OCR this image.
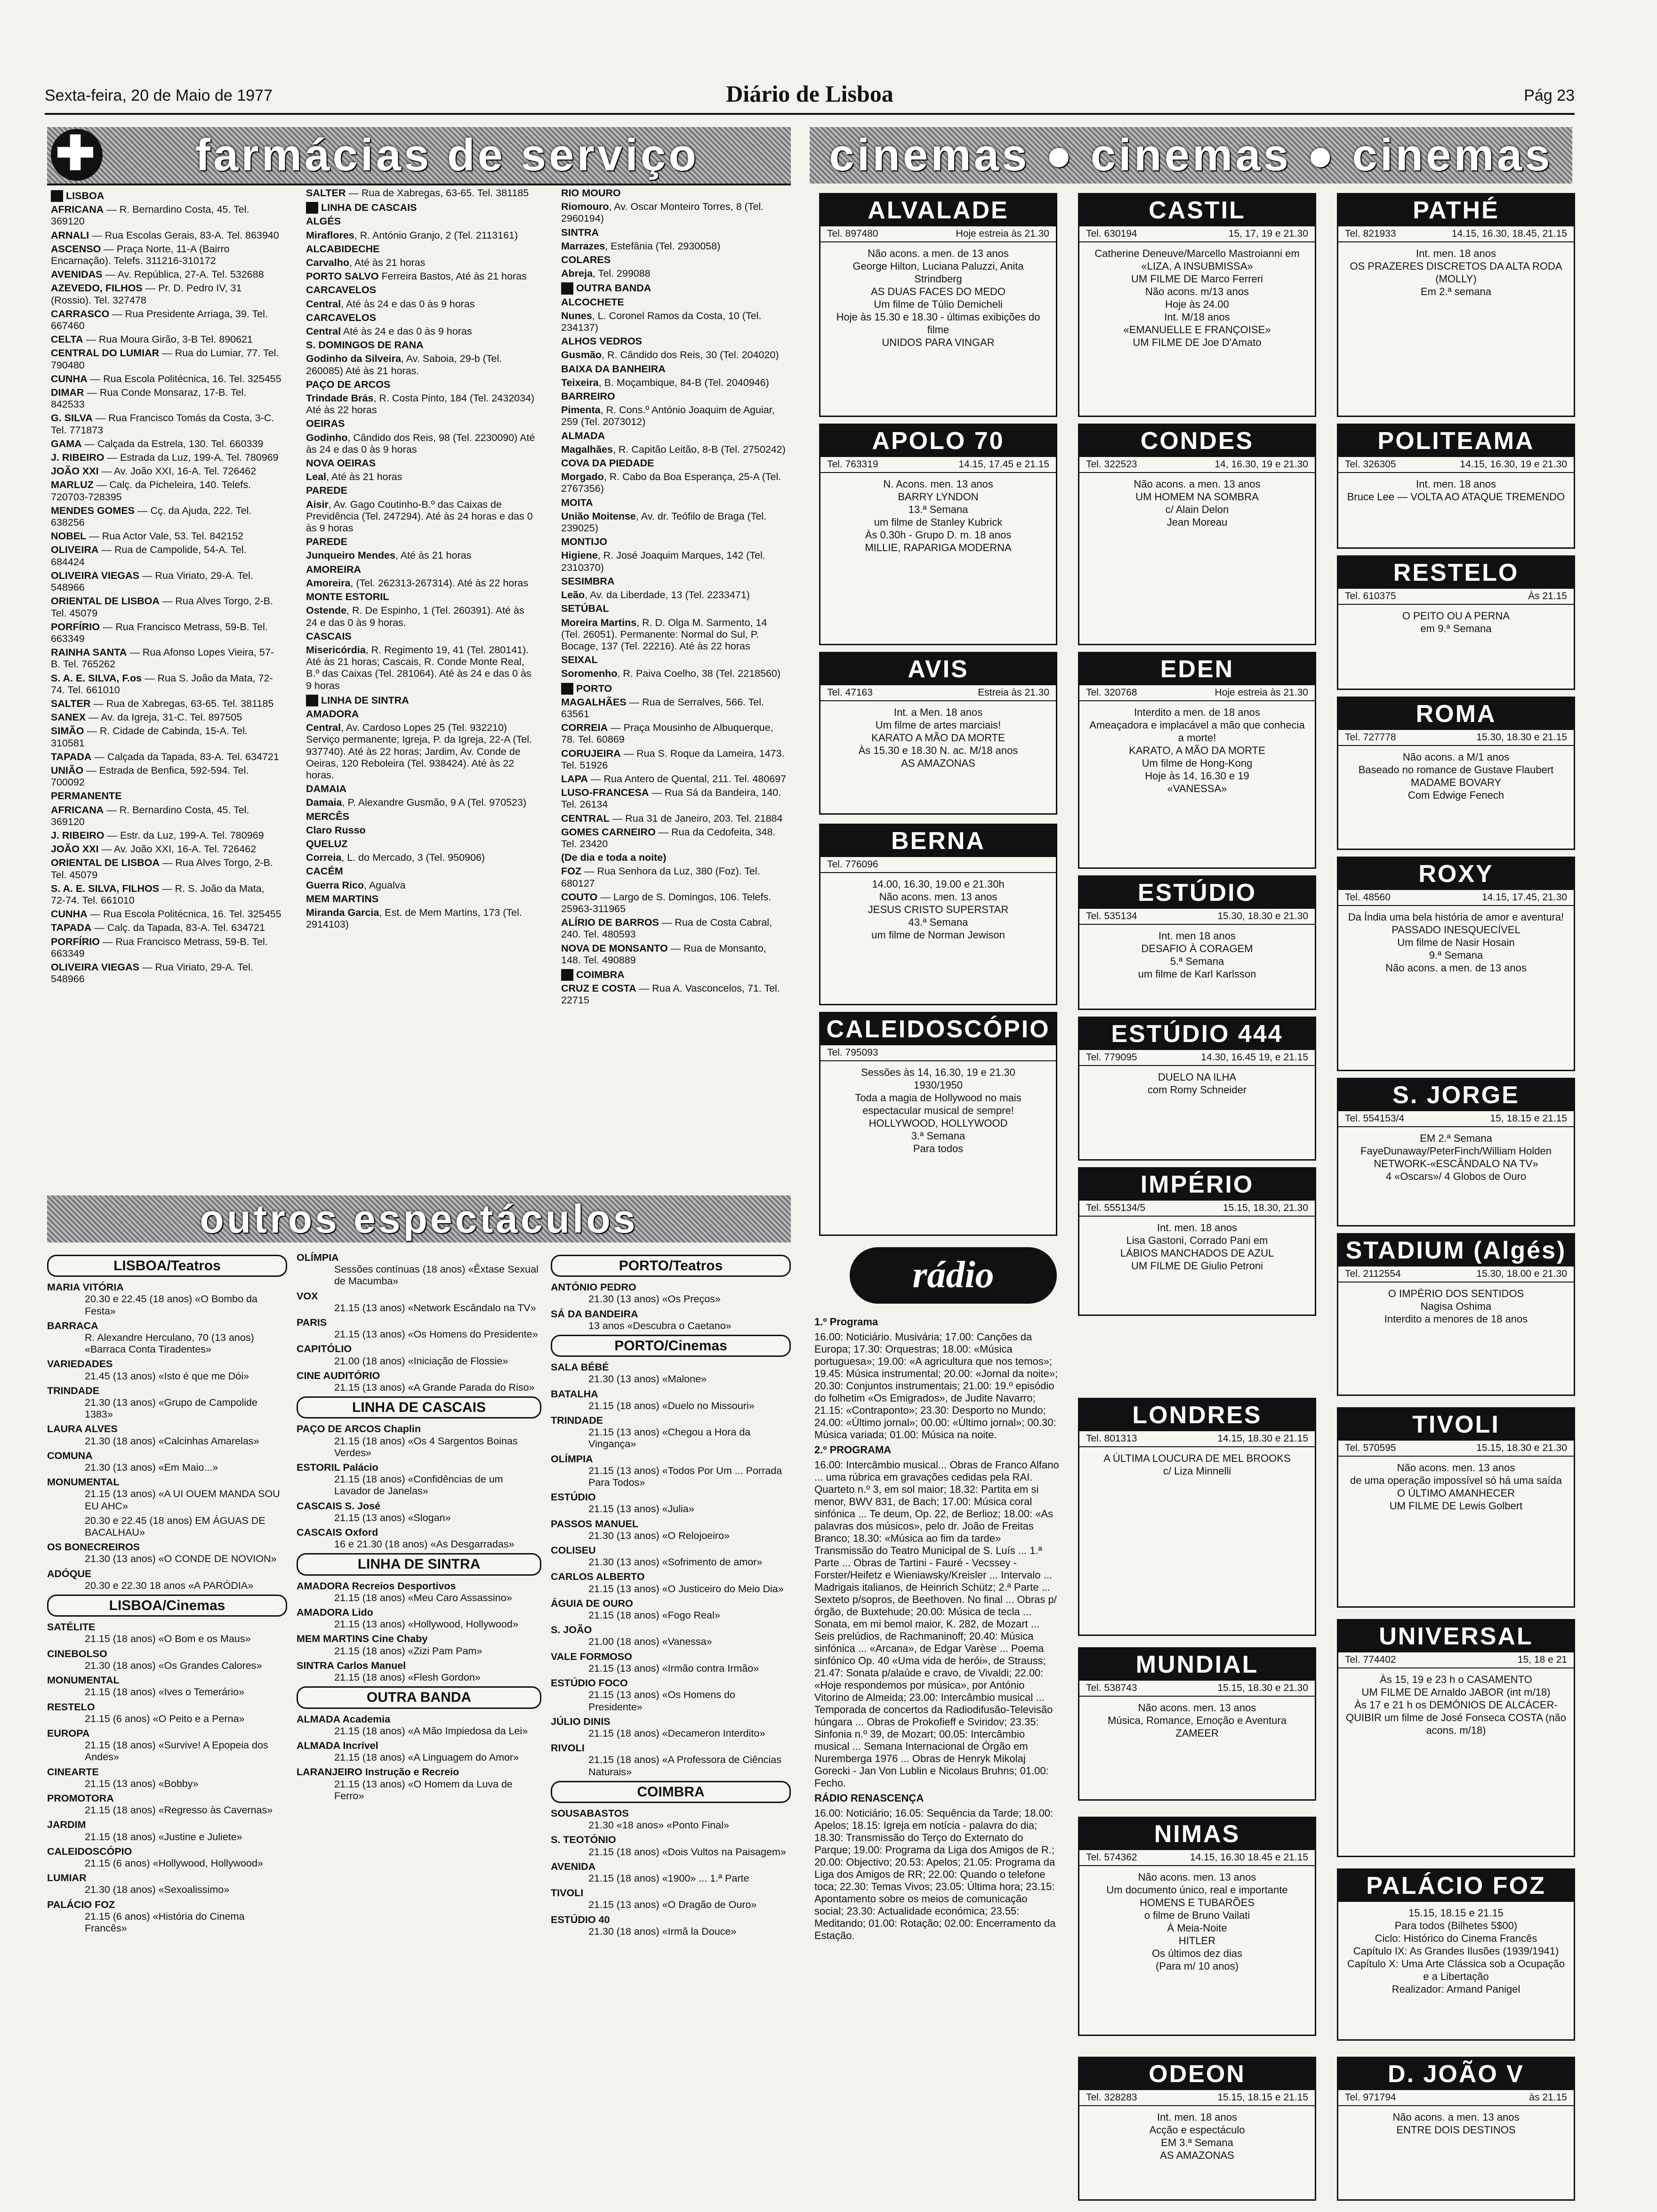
Sexta-feira, 20 de Maio de 1977	Diário de Lisboa	Pág 23
✚ farmácias de serviço
LISBOA
AFRICANA — R. Bernardino Costa, 45. Tel. 369120
ARNALI — Rua Escolas Gerais, 83-A. Tel. 863940
ASCENSO — Praça Norte, 11-A (Bairro Encarnação). Telefs. 311216-310172
AVENIDAS — Av. República, 27-A. Tel. 532688
AZEVEDO, FILHOS — Pr. D. Pedro IV, 31 (Rossio). Tel. 327478
CARRASCO — Rua Presidente Arriaga, 39. Tel. 667460
CELTA — Rua Moura Girão, 3-B Tel. 890621
CENTRAL DO LUMIAR — Rua do Lumiar, 77. Tel. 790480
CUNHA — Rua Escola Politécnica, 16. Tel. 325455
DIMAR — Rua Conde Monsaraz, 17-B. Tel. 842533
G. SILVA — Rua Francisco Tomás da Costa, 3-C. Tel. 771873
GAMA — Calçada da Estrela, 130. Tel. 660339
J. RIBEIRO — Estrada da Luz, 199-A. Tel. 780969
JOÃO XXI — Av. João XXI, 16-A. Tel. 726462
MARLUZ — Calç. da Picheleira, 140. Telefs. 720703-728395
MENDES GOMES — Cç. da Ajuda, 222. Tel. 638256
NOBEL — Rua Actor Vale, 53. Tel. 842152
OLIVEIRA — Rua de Campolide, 54-A. Tel. 684424
OLIVEIRA VIEGAS — Rua Viriato, 29-A. Tel. 548966
ORIENTAL DE LISBOA — Rua Alves Torgo, 2-B. Tel. 45079
PORFÍRIO — Rua Francisco Metrass, 59-B. Tel. 663349
RAINHA SANTA — Rua Afonso Lopes Vieira, 57-B. Tel. 765262
S. A. E. SILVA, F.os — Rua S. João da Mata, 72-74. Tel. 661010
SALTER — Rua de Xabregas, 63-65. Tel. 381185
SANEX — Av. da Igreja, 31-C. Tel. 897505
SIMÃO — R. Cidade de Cabinda, 15-A. Tel. 310581
TAPADA — Calçada da Tapada, 83-A. Tel. 634721
UNIÃO — Estrada de Benfica, 592-594. Tel. 700092
PERMANENTE
AFRICANA — R. Bernardino Costa, 45. Tel. 369120
J. RIBEIRO — Estr. da Luz, 199-A. Tel. 780969
JOÃO XXI — Av. João XXI, 16-A. Tel. 726462
ORIENTAL DE LISBOA — Rua Alves Torgo, 2-B. Tel. 45079
S. A. E. SILVA, FILHOS — R. S. João da Mata, 72-74. Tel. 661010
CUNHA — Rua Escola Politécnica, 16. Tel. 325455
TAPADA — Calç. da Tapada, 83-A. Tel. 634721
PORFÍRIO — Rua Francisco Metrass, 59-B. Tel. 663349
OLIVEIRA VIEGAS — Rua Viriato, 29-A. Tel. 548966
SALTER — Rua de Xabregas, 63-65. Tel. 381185
LINHA DE CASCAIS
ALGÉS
Miraflores, R. António Granjo, 2 (Tel. 2113161)
ALCABIDECHE
Carvalho, Até às 21 horas
PORTO SALVO Ferreira Bastos, Até às 21 horas
CARCAVELOS
Central, Até às 24 e das 0 às 9 horas
CARCAVELOS
Central Até às 24 e das 0 às 9 horas
S. DOMINGOS DE RANA
Godinho da Silveira, Av. Saboia, 29-b (Tel. 260085) Até às 21 horas.
PAÇO DE ARCOS
Trindade Brás, R. Costa Pinto, 184 (Tel. 2432034) Até às 22 horas
OEIRAS
Godinho, Cândido dos Reis, 98 (Tel. 2230090) Até às 24 e das 0 às 9 horas
NOVA OEIRAS
Leal, Até às 21 horas
PAREDE
Aisir, Av. Gago Coutinho-B.º das Caixas de Previdência (Tel. 247294). Até às 24 horas e das 0 às 9 horas
PAREDE
Junqueiro Mendes, Até às 21 horas
AMOREIRA
Amoreira, (Tel. 262313-267314). Até às 22 horas
MONTE ESTORIL
Ostende, R. De Espinho, 1 (Tel. 260391). Até às 24 e das 0 às 9 horas.
CASCAIS
Misericórdia, R. Regimento 19, 41 (Tel. 280141). Até às 21 horas; Cascais, R. Conde Monte Real, B.º das Caixas (Tel. 281064). Até às 24 e das 0 às 9 horas
LINHA DE SINTRA
AMADORA
Central, Av. Cardoso Lopes 25 (Tel. 932210) Serviço permanente; Igreja, P. da Igreja, 22-A (Tel. 937740). Até às 22 horas; Jardim, Av. Conde de Oeiras, 120 Reboleira (Tel. 938424). Até às 22 horas.
DAMAIA
Damaia, P. Alexandre Gusmão, 9 A (Tel. 970523)
MERCÊS
Claro Russo
QUELUZ
Correia, L. do Mercado, 3 (Tel. 950906)
CACÉM
Guerra Rico, Agualva
MEM MARTINS
Miranda Garcia, Est. de Mem Martins, 173 (Tel. 2914103)
RIO MOURO
Riomouro, Av. Oscar Monteiro Torres, 8 (Tel. 2960194)
SINTRA
Marrazes, Estefânia (Tel. 2930058)
COLARES
Abreja, Tel. 299088
OUTRA BANDA
ALCOCHETE
Nunes, L. Coronel Ramos da Costa, 10 (Tel. 234137)
ALHOS VEDROS
Gusmão, R. Cândido dos Reis, 30 (Tel. 204020)
BAIXA DA BANHEIRA
Teixeira, B. Moçambique, 84-B (Tel. 2040946)
BARREIRO
Pimenta, R. Cons.º António Joaquim de Aguiar, 259 (Tel. 2073012)
ALMADA
Magalhães, R. Capitão Leitão, 8-B (Tel. 2750242)
COVA DA PIEDADE
Morgado, R. Cabo da Boa Esperança, 25-A (Tel. 2767356)
MOITA
União Moitense, Av. dr. Teófilo de Braga (Tel. 239025)
MONTIJO
Higiene, R. José Joaquim Marques, 142 (Tel. 2310370)
SESIMBRA
Leão, Av. da Liberdade, 13 (Tel. 2233471)
SETÚBAL
Moreira Martins, R. D. Olga M. Sarmento, 14 (Tel. 26051). Permanente: Normal do Sul, P. Bocage, 137 (Tel. 22216). Até às 22 horas
SEIXAL
Soromenho, R. Paiva Coelho, 38 (Tel. 2218560)
PORTO
MAGALHÃES — Rua de Serralves, 566. Tel. 63561
CORREIA — Praça Mousinho de Albuquerque, 78. Tel. 60869
CORUJEIRA — Rua S. Roque da Lameira, 1473. Tel. 51926
LAPA — Rua Antero de Quental, 211. Tel. 480697
LUSO-FRANCESA — Rua Sá da Bandeira, 140. Tel. 26134
CENTRAL — Rua 31 de Janeiro, 203. Tel. 21884
GOMES CARNEIRO — Rua da Cedofeita, 348. Tel. 23420
(De dia e toda a noite)
FOZ — Rua Senhora da Luz, 380 (Foz). Tel. 680127
COUTO — Largo de S. Domingos, 106. Telefs. 25963-311965
ALÍRIO DE BARROS — Rua de Costa Cabral, 240. Tel. 480593
NOVA DE MONSANTO — Rua de Monsanto, 148. Tel. 490889
COIMBRA
CRUZ E COSTA — Rua A. Vasconcelos, 71. Tel. 22715
outros espectáculos
LISBOA/Teatros
MARIA VITÓRIA
20.30 e 22.45 (18 anos) «O Bombo da Festa»
BARRACA
R. Alexandre Herculano, 70 (13 anos) «Barraca Conta Tiradentes»
VARIEDADES
21.45 (13 anos) «Isto é que me Dói»
TRINDADE
21.30 (13 anos) «Grupo de Campolide 1383»
LAURA ALVES
21.30 (18 anos) «Calcinhas Amarelas»
COMUNA
21.30 (13 anos) «Em Maio...»
MONUMENTAL
21.15 (13 anos) «A UI OUEM MANDA SOU EU AHC»
20.30 e 22.45 (18 anos) EM ÁGUAS DE BACALHAU»
OS BONECREIROS
21.30 (13 anos) «O CONDE DE NOVION»
ADÓQUE
20.30 e 22.30 18 anos «A PARÓDIA»
LISBOA/Cinemas
SATÉLITE
21.15 (18 anos) «O Bom e os Maus»
CINEBOLSO
21.30 (18 anos) «Os Grandes Calores»
MONUMENTAL
21.15 (18 anos) «Ives o Temerário»
RESTELO
21.15 (6 anos) «O Peito e a Perna»
EUROPA
21.15 (18 anos) «Survive! A Epopeia dos Andes»
CINEARTE
21.15 (13 anos) «Bobby»
PROMOTORA
21.15 (18 anos) «Regresso às Cavernas»
JARDIM
21.15 (18 anos) «Justine e Juliete»
CALEIDOSCÓPIO
21.15 (6 anos) «Hollywood, Hollywood»
LUMIAR
21.30 (18 anos) «Sexoalissimo»
PALÁCIO FOZ
21.15 (6 anos) «História do Cinema Francês»
OLÍMPIA
Sessões contínuas (18 anos) «Êxtase Sexual de Macumba»
VOX
21.15 (13 anos) «Network Escândalo na TV»
PARIS
21.15 (13 anos) «Os Homens do Presidente»
CAPITÓLIO
21.00 (18 anos) «Iniciação de Flossie»
CINE AUDITÓRIO
21.15 (13 anos) «A Grande Parada do Riso»
LINHA DE CASCAIS
PAÇO DE ARCOS Chaplin
21.15 (18 anos) «Os 4 Sargentos Boinas Verdes»
ESTORIL Palácio
21.15 (18 anos) «Confidências de um Lavador de Janelas»
CASCAIS S. José
21.15 (13 anos) «Slogan»
CASCAIS Oxford
16 e 21.30 (18 anos) «As Desgarradas»
LINHA DE SINTRA
AMADORA Recreios Desportivos
21.15 (18 anos) «Meu Caro Assassino»
AMADORA Lido
21.15 (13 anos) «Hollywood, Hollywood»
MEM MARTINS Cine Chaby
21.15 (18 anos) «Zizi Pam Pam»
SINTRA Carlos Manuel
21.15 (18 anos) «Flesh Gordon»
OUTRA BANDA
ALMADA Academia
21.15 (18 anos) «A Mão Impiedosa da Lei»
ALMADA Incrível
21.15 (18 anos) «A Linguagem do Amor»
LARANJEIRO Instrução e Recreio
21.15 (13 anos) «O Homem da Luva de Ferro»
PORTO/Teatros
ANTÓNIO PEDRO
21.30 (13 anos) «Os Preços»
SÁ DA BANDEIRA
13 anos «Descubra o Caetano»
PORTO/Cinemas
SALA BÉBÉ
21.30 (13 anos) «Malone»
BATALHA
21.15 (18 anos) «Duelo no Missouri»
TRINDADE
21.15 (13 anos) «Chegou a Hora da Vingança»
OLÍMPIA
21.15 (13 anos) «Todos Por Um ... Porrada Para Todos»
ESTÚDIO
21.15 (13 anos) «Julia»
PASSOS MANUEL
21.30 (13 anos) «O Relojoeiro»
COLISEU
21.30 (13 anos) «Sofrimento de amor»
CARLOS ALBERTO
21.15 (13 anos) «O Justiceiro do Meio Dia»
ÁGUIA DE OURO
21.15 (18 anos) «Fogo Real»
S. JOÃO
21.00 (18 anos) «Vanessa»
VALE FORMOSO
21.15 (13 anos) «Irmão contra Irmão»
ESTÚDIO FOCO
21.15 (13 anos) «Os Homens do Presidente»
JÚLIO DINIS
21.15 (18 anos) «Decameron Interdito»
RIVOLI
21.15 (18 anos) «A Professora de Ciências Naturais»
COIMBRA
SOUSABASTOS
21.30 «18 anos» «Ponto Final»
S. TEOTÓNIO
21.15 (18 anos) «Dois Vultos na Paisagem»
AVENIDA
21.15 (18 anos) «1900» ... 1.ª Parte
TIVOLI
21.15 (13 anos) «O Dragão de Ouro»
ESTÚDIO 40
21.30 (18 anos) «Irmã la Douce»
cinemas ● cinemas ● cinemas
ALVALADE
Tel. 897480	Hoje estreia às 21.30
Não acons. a men. de 13 anos
George Hilton, Luciana Paluzzi, Anita Strindberg
AS DUAS FACES DO MEDO
Um filme de Túlio Demicheli
Hoje às 15.30 e 18.30 - últimas exibições do filme
UNIDOS PARA VINGAR
APOLO 70
Tel. 763319	14.15, 17.45 e 21.15
N. Acons. men. 13 anos
BARRY LYNDON
13.ª Semana
um filme de Stanley Kubrick
Às 0.30h - Grupo D. m. 18 anos
MILLIE, RAPARIGA MODERNA
AVIS
Tel. 47163	Estreia às 21.30
Int. a Men. 18 anos
Um filme de artes marciais!
KARATO A MÃO DA MORTE
Às 15.30 e 18.30 N. ac. M/18 anos
AS AMAZONAS
BERNA
Tel. 776096
14.00, 16.30, 19.00 e 21.30h
Não acons. men. 13 anos
JESUS CRISTO SUPERSTAR
43.ª Semana
um filme de Norman Jewison
CALEIDOSCÓPIO
Tel. 795093
Sessões às 14, 16.30, 19 e 21.30
1930/1950
Toda a magia de Hollywood no mais espectacular musical de sempre!
HOLLYWOOD, HOLLYWOOD
3.ª Semana
Para todos
CASTIL
Tel. 630194	15, 17, 19 e 21.30
Catherine Deneuve/Marcello Mastroianni em
«LIZA, A INSUBMISSA»
UM FILME DE Marco Ferreri
Não acons. m/13 anos
Hoje às 24.00
Int. M/18 anos
«EMANUELLE E FRANÇOISE»
UM FILME DE Joe D'Amato
CONDES
Tel. 322523	14, 16.30, 19 e 21.30
Não acons. a men. 13 anos
UM HOMEM NA SOMBRA
c/ Alain Delon
Jean Moreau
EDEN
Tel. 320768	Hoje estreia às 21.30
Interdito a men. de 18 anos
Ameaçadora e implacável a mão que conhecia a morte!
KARATO, A MÃO DA MORTE
Um filme de Hong-Kong
Hoje às 14, 16.30 e 19
«VANESSA»
ESTÚDIO
Tel. 535134	15.30, 18.30 e 21.30
Int. men 18 anos
DESAFIO À CORAGEM
5.ª Semana
um filme de Karl Karlsson
ESTÚDIO 444
Tel. 779095	14.30, 16.45 19, e 21.15
DUELO NA ILHA
com Romy Schneider
IMPÉRIO
Tel. 555134/5	15.15, 18.30, 21.30
Int. men. 18 anos
Lisa Gastoni, Corrado Pani em
LÁBIOS MANCHADOS DE AZUL
UM FILME DE Giulio Petroni
PATHÉ
Tel. 821933	14.15, 16.30, 18.45, 21.15
Int. men. 18 anos
OS PRAZERES DISCRETOS DA ALTA RODA
(MOLLY)
Em 2.ª semana
POLITEAMA
Tel. 326305	14.15, 16.30, 19 e 21.30
Int. men. 18 anos
Bruce Lee — VOLTA AO ATAQUE TREMENDO
RESTELO
Tel. 610375	Às 21.15
O PEITO OU A PERNA
em 9.ª Semana
ROMA
Tel. 727778	15.30, 18.30 e 21.15
Não acons. a M/1 anos
Baseado no romance de Gustave Flaubert
MADAME BOVARY
Com Edwige Fenech
ROXY
Tel. 48560	14.15, 17.45, 21.30
Da Índia uma bela história de amor e aventura!
PASSADO INESQUECÍVEL
Um filme de Nasir Hosain
9.ª Semana
Não acons. a men. de 13 anos
S. JORGE
Tel. 554153/4	15, 18.15 e 21.15
EM 2.ª Semana
FayeDunaway/PeterFinch/William Holden
NETWORK-«ESCÂNDALO NA TV»
4 «Oscars»/ 4 Globos de Ouro
STADIUM (Algés)
Tel. 2112554	15.30, 18.00 e 21.30
O IMPÉRIO DOS SENTIDOS
Nagisa Oshima
Interdito a menores de 18 anos
TIVOLI
Tel. 570595	15.15, 18.30 e 21.30
Não acons. men. 13 anos
de uma operação impossível só há uma saída
O ÚLTIMO AMANHECER
UM FILME DE Lewis Golbert
UNIVERSAL
Tel. 774402	15, 18 e 21
Às 15, 19 e 23 h o CASAMENTO
UM FILME DE Arnaldo JABOR (int m/18)
Às 17 e 21 h os DEMÓNIOS DE ALCÁCER-QUIBIR um filme de José Fonseca COSTA (não acons. m/18)
PALÁCIO FOZ
15.15, 18.15 e 21.15
Para todos (Bilhetes 5$00)
Ciclo: Histórico do Cinema Francês
Capítulo IX: As Grandes Ilusões (1939/1941)
Capítulo X: Uma Arte Clássica sob a Ocupação e a Libertação
Realizador: Armand Panigel
D. JOÃO V
Tel. 971794	às 21.15
Não acons. a men. 13 anos
ENTRE DOIS DESTINOS
LONDRES
Tel. 801313	14.15, 18.30 e 21.15
A ÚLTIMA LOUCURA DE MEL BROOKS
c/ Liza Minnelli
MUNDIAL
Tel. 538743	15.15, 18.30 e 21.30
Não acons. men. 13 anos
Música, Romance, Emoção e Aventura
ZAMEER
NIMAS
Tel. 574362	14.15, 16.30 18.45 e 21.15
Não acons. men. 13 anos
Um documento único, real e importante
HOMENS E TUBARÕES
o filme de Bruno Vailati
À Meia-Noite
HITLER
Os últimos dez dias
(Para m/ 10 anos)
ODEON
Tel. 328283	15.15, 18.15 e 21.15
Int. men. 18 anos
Acção e espectáculo
EM 3.ª Semana
AS AMAZONAS
rádio
1.º Programa
16.00: Noticiário. Musivária; 17.00: Canções da Europa; 17.30: Orquestras; 18.00: «Música portuguesa»; 19.00: «A agricultura que nos temos»; 19.45: Música instrumental; 20.00: «Jornal da noite»; 20.30: Conjuntos instrumentais; 21.00: 19.º episódio do folhetim «Os Emigrados», de Judite Navarro; 21.15: «Contraponto»; 23.30: Desporto no Mundo; 24.00: «Último jornal»; 00.00: «Último jornal»; 00.30: Música variada; 01.00: Música na noite.
2.º PROGRAMA
16.00: Intercâmbio musical... Obras de Franco Alfano ... uma rúbrica em gravações cedidas pela RAI. Quarteto n.º 3, em sol maior; 18.32: Partita em si menor, BWV 831, de Bach; 17.00: Música coral sinfónica ... Te deum, Op. 22, de Berlioz; 18.00: «As palavras dos músicos», pelo dr. João de Freitas Branco; 18.30: «Música ao fim da tarde» Transmissão do Teatro Municipal de S. Luís ... 1.ª Parte ... Obras de Tartini - Fauré - Vecssey - Forster/Heifetz e Wieniawsky/Kreisler ... Intervalo ... Madrigais italianos, de Heinrich Schütz; 2.ª Parte ... Sexteto p/sopros, de Beethoven. No final ... Obras p/órgão, de Buxtehude; 20.00: Música de tecla ... Sonata, em mi bemol maior, K. 282, de Mozart ... Seis prelúdios, de Rachmaninoff; 20.40: Música sinfónica ... «Arcana», de Edgar Varèse ... Poema sinfónico Op. 40 «Uma vida de herói», de Strauss; 21.47: Sonata p/alaúde e cravo, de Vivaldi; 22.00: «Hoje respondemos por música», por António Vitorino de Almeida; 23.00: Intercâmbio musical ... Temporada de concertos da Radiodifusão-Televisão húngara ... Obras de Prokofieff e Sviridov; 23.35: Sinfonia n.º 39, de Mozart; 00.05: Intercâmbio musical ... Semana Internacional de Órgão em Nuremberga 1976 ... Obras de Henryk Mikolaj Gorecki - Jan Von Lublin e Nicolaus Bruhns; 01.00: Fecho.
RÁDIO RENASCENÇA
16.00: Noticiário; 16.05: Sequência da Tarde; 18.00: Apelos; 18.15: Igreja em notícia - palavra do dia; 18.30: Transmissão do Terço do Externato do Parque; 19.00: Programa da Liga dos Amigos de R.; 20.00: Objectivo; 20.53: Apelos; 21.05: Programa da Liga dos Amigos de RR; 22.00: Quando o telefone toca; 22.30: Temas Vivos; 23.05: Última hora; 23.15: Apontamento sobre os meios de comunicação social; 23.30: Actualidade económica; 23.55: Meditando; 01.00: Rotação; 02.00: Encerramento da Estação.
